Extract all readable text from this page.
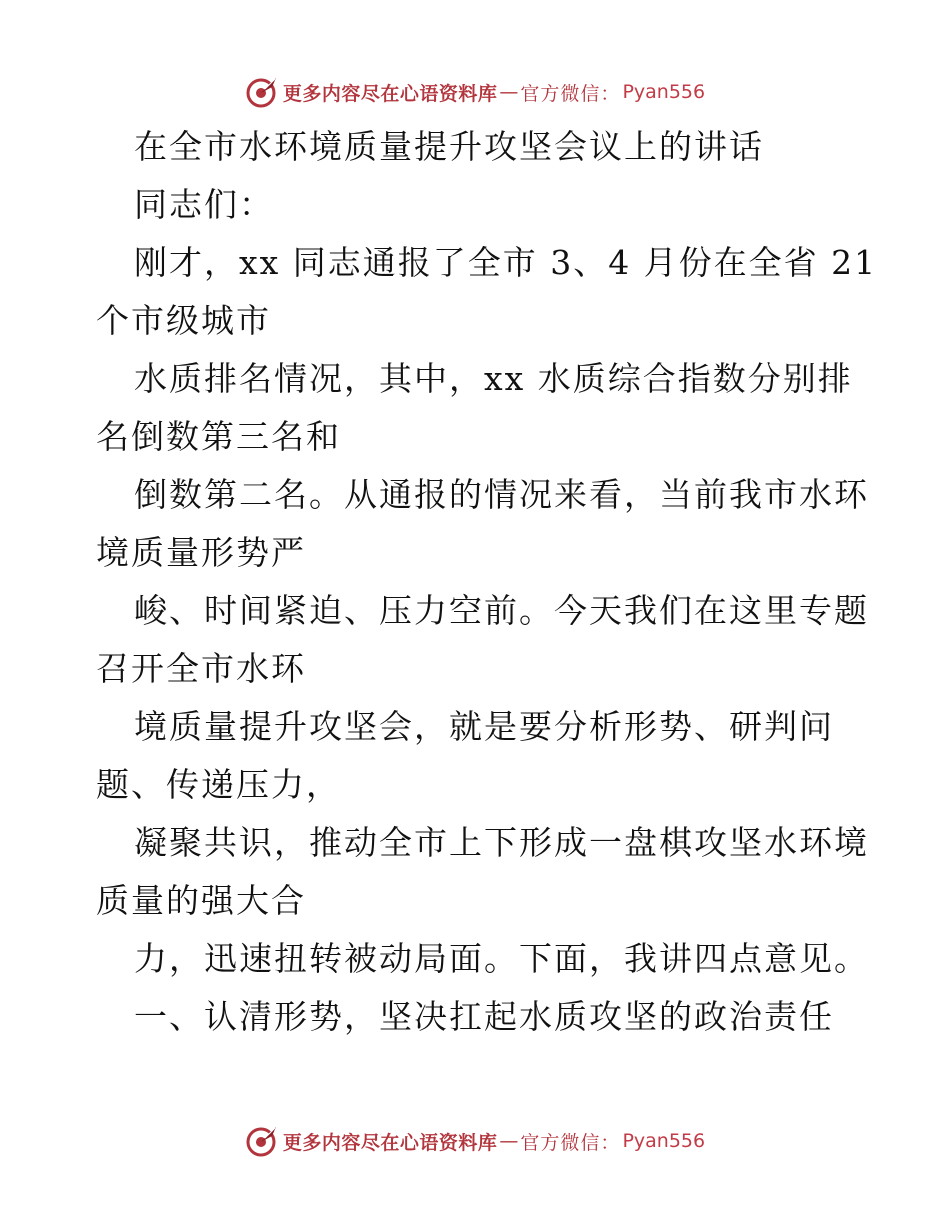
更多内容尽在心语资料库 — 官方微信： Pyan556
在全市水环境质量提升攻坚会议上的讲话
同志们：
刚才，xx 同志通报了全市 3、4 月份在全省 21
个市级城市
水质排名情况，其中，xx 水质综合指数分别排
名倒数第三名和
倒数第二名。从通报的情况来看，当前我市水环
境质量形势严
峻、时间紧迫、压力空前。今天我们在这里专题
召开全市水环
境质量提升攻坚会，就是要分析形势、研判问
题、传递压力，
凝聚共识，推动全市上下形成一盘棋攻坚水环境
质量的强大合
力，迅速扭转被动局面。下面，我讲四点意见。
一、认清形势，坚决扛起水质攻坚的政治责任
更多内容尽在心语资料库 — 官方微信： Pyan556
